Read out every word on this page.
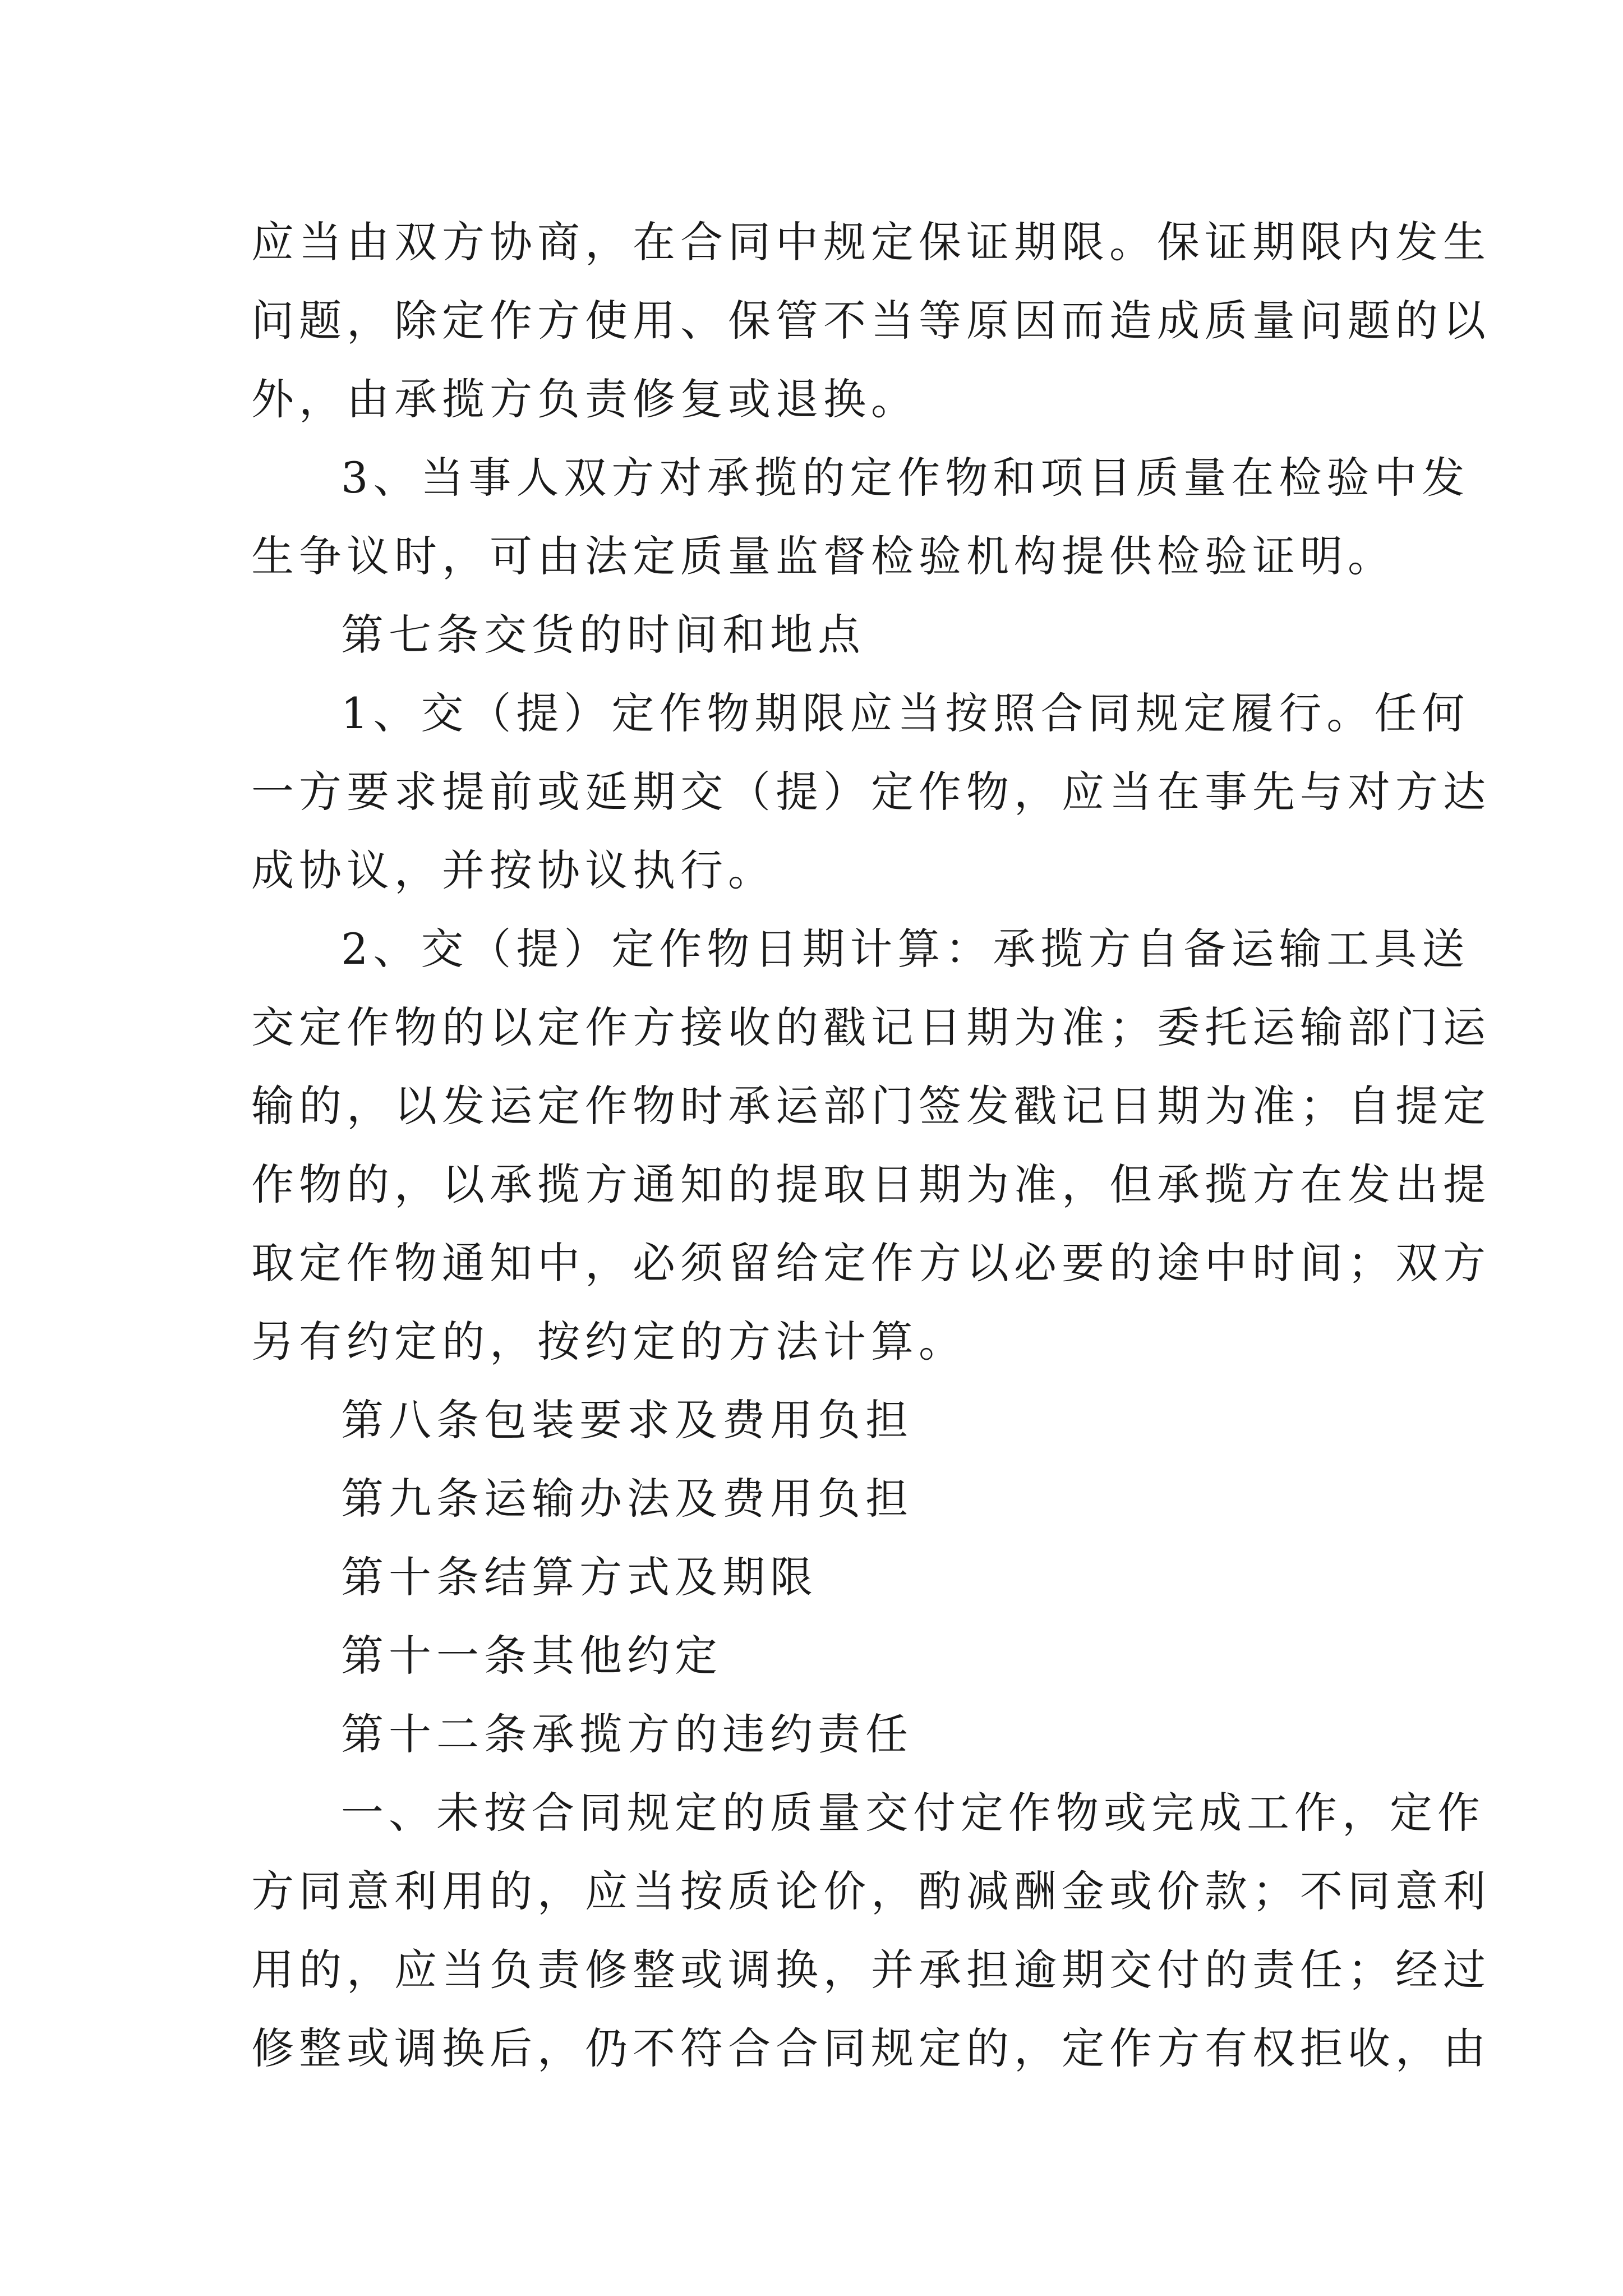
应当由双方协商，在合同中规定保证期限。保证期限内发生
问题，除定作方使用、保管不当等原因而造成质量问题的以
外，由承揽方负责修复或退换。
3、当事人双方对承揽的定作物和项目质量在检验中发
生争议时，可由法定质量监督检验机构提供检验证明。
第七条交货的时间和地点
1、交（提）定作物期限应当按照合同规定履行。任何
一方要求提前或延期交（提）定作物，应当在事先与对方达
成协议，并按协议执行。
2、交（提）定作物日期计算：承揽方自备运输工具送
交定作物的以定作方接收的戳记日期为准；委托运输部门运
输的，以发运定作物时承运部门签发戳记日期为准；自提定
作物的，以承揽方通知的提取日期为准，但承揽方在发出提
取定作物通知中，必须留给定作方以必要的途中时间；双方
另有约定的，按约定的方法计算。
第八条包装要求及费用负担
第九条运输办法及费用负担
第十条结算方式及期限
第十一条其他约定
第十二条承揽方的违约责任
一、未按合同规定的质量交付定作物或完成工作，定作
方同意利用的，应当按质论价，酌减酬金或价款；不同意利
用的，应当负责修整或调换，并承担逾期交付的责任；经过
修整或调换后，仍不符合合同规定的，定作方有权拒收，由
